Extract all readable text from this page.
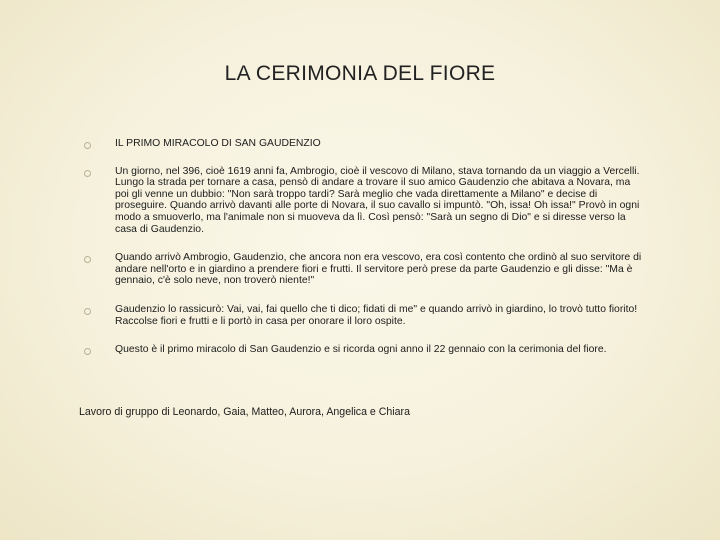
LA CERIMONIA DEL FIORE
IL PRIMO MIRACOLO DI SAN GAUDENZIO
Un giorno, nel 396, cioè 1619 anni fa, Ambrogio, cioè il vescovo di Milano, stava tornando da un viaggio a Vercelli. Lungo la strada per tornare a casa, pensò di andare a trovare il suo amico Gaudenzio che abitava a Novara, ma poi gli venne un dubbio: "Non sarà troppo tardi? Sarà meglio che vada direttamente a Milano" e decise di proseguire. Quando arrivò davanti alle porte di Novara, il suo cavallo si impuntò. "Oh, issa! Oh issa!" Provò in ogni modo a smuoverlo, ma l'animale non si muoveva da lì. Così pensò: "Sarà un segno di Dio" e si diresse verso la casa di Gaudenzio.
Quando arrivò Ambrogio, Gaudenzio, che ancora non era vescovo, era così contento che ordinò al suo servitore di andare nell'orto e in giardino a prendere fiori e frutti. Il servitore però prese da parte Gaudenzio e gli disse: "Ma è gennaio, c'è solo neve, non troverò niente!"
Gaudenzio lo rassicurò: Vai, vai, fai quello che ti dico; fidati di me" e quando arrivò in giardino, lo trovò tutto fiorito! Raccolse fiori e frutti e li portò in casa per onorare il loro ospite.
Questo è il primo miracolo di San Gaudenzio e si ricorda ogni anno il 22 gennaio con la cerimonia del fiore.
Lavoro di gruppo di Leonardo, Gaia, Matteo, Aurora, Angelica e Chiara
